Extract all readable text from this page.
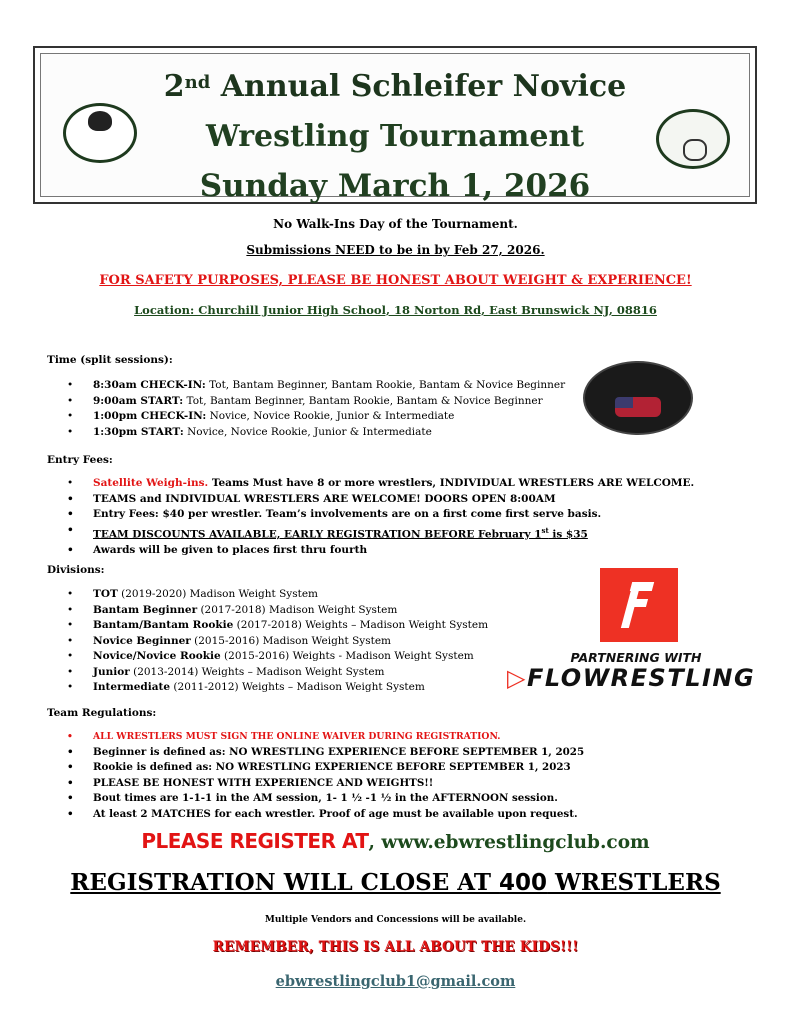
2nd Annual Schleifer Novice
Wrestling Tournament
Sunday March 1, 2026
No Walk-Ins Day of the Tournament.
Submissions NEED to be in by Feb 27, 2026.
FOR SAFETY PURPOSES, PLEASE BE HONEST ABOUT WEIGHT & EXPERIENCE!
Location: Churchill Junior High School, 18 Norton Rd, East Brunswick NJ, 08816
Time (split sessions):
• 8:30am CHECK-IN: Tot, Bantam Beginner, Bantam Rookie, Bantam & Novice Beginner
• 9:00am START: Tot, Bantam Beginner, Bantam Rookie, Bantam & Novice Beginner
• 1:00pm CHECK-IN: Novice, Novice Rookie, Junior & Intermediate
• 1:30pm START: Novice, Novice Rookie, Junior & Intermediate
Entry Fees:
• Satellite Weigh-ins. Teams Must have 8 or more wrestlers, INDIVIDUAL WRESTLERS ARE WELCOME.
• TEAMS and INDIVIDUAL WRESTLERS ARE WELCOME! DOORS OPEN 8:00AM
• Entry Fees: $40 per wrestler. Team’s involvements are on a first come first serve basis.
• TEAM DISCOUNTS AVAILABLE, EARLY REGISTRATION BEFORE February 1st is $35
• Awards will be given to places first thru fourth
Divisions:
• TOT (2019-2020) Madison Weight System
• Bantam Beginner (2017-2018) Madison Weight System
• Bantam/Bantam Rookie (2017-2018) Weights – Madison Weight System
• Novice Beginner (2015-2016) Madison Weight System
• Novice/Novice Rookie (2015-2016) Weights - Madison Weight System
• Junior (2013-2014) Weights – Madison Weight System
• Intermediate (2011-2012) Weights – Madison Weight System
PARTNERING WITH
▷FLOWRESTLING
Team Regulations:
• ALL WRESTLERS MUST SIGN THE ONLINE WAIVER DURING REGISTRATION.
• Beginner is defined as: NO WRESTLING EXPERIENCE BEFORE SEPTEMBER 1, 2025
• Rookie is defined as: NO WRESTLING EXPERIENCE BEFORE SEPTEMBER 1, 2023
• PLEASE BE HONEST WITH EXPERIENCE AND WEIGHTS!!
• Bout times are 1-1-1 in the AM session, 1- 1 ½ -1 ½ in the AFTERNOON session.
• At least 2 MATCHES for each wrestler. Proof of age must be available upon request.
PLEASE REGISTER AT, www.ebwrestlingclub.com
REGISTRATION WILL CLOSE AT 400 WRESTLERS
Multiple Vendors and Concessions will be available.
REMEMBER, THIS IS ALL ABOUT THE KIDS!!!
ebwrestlingclub1@gmail.com
